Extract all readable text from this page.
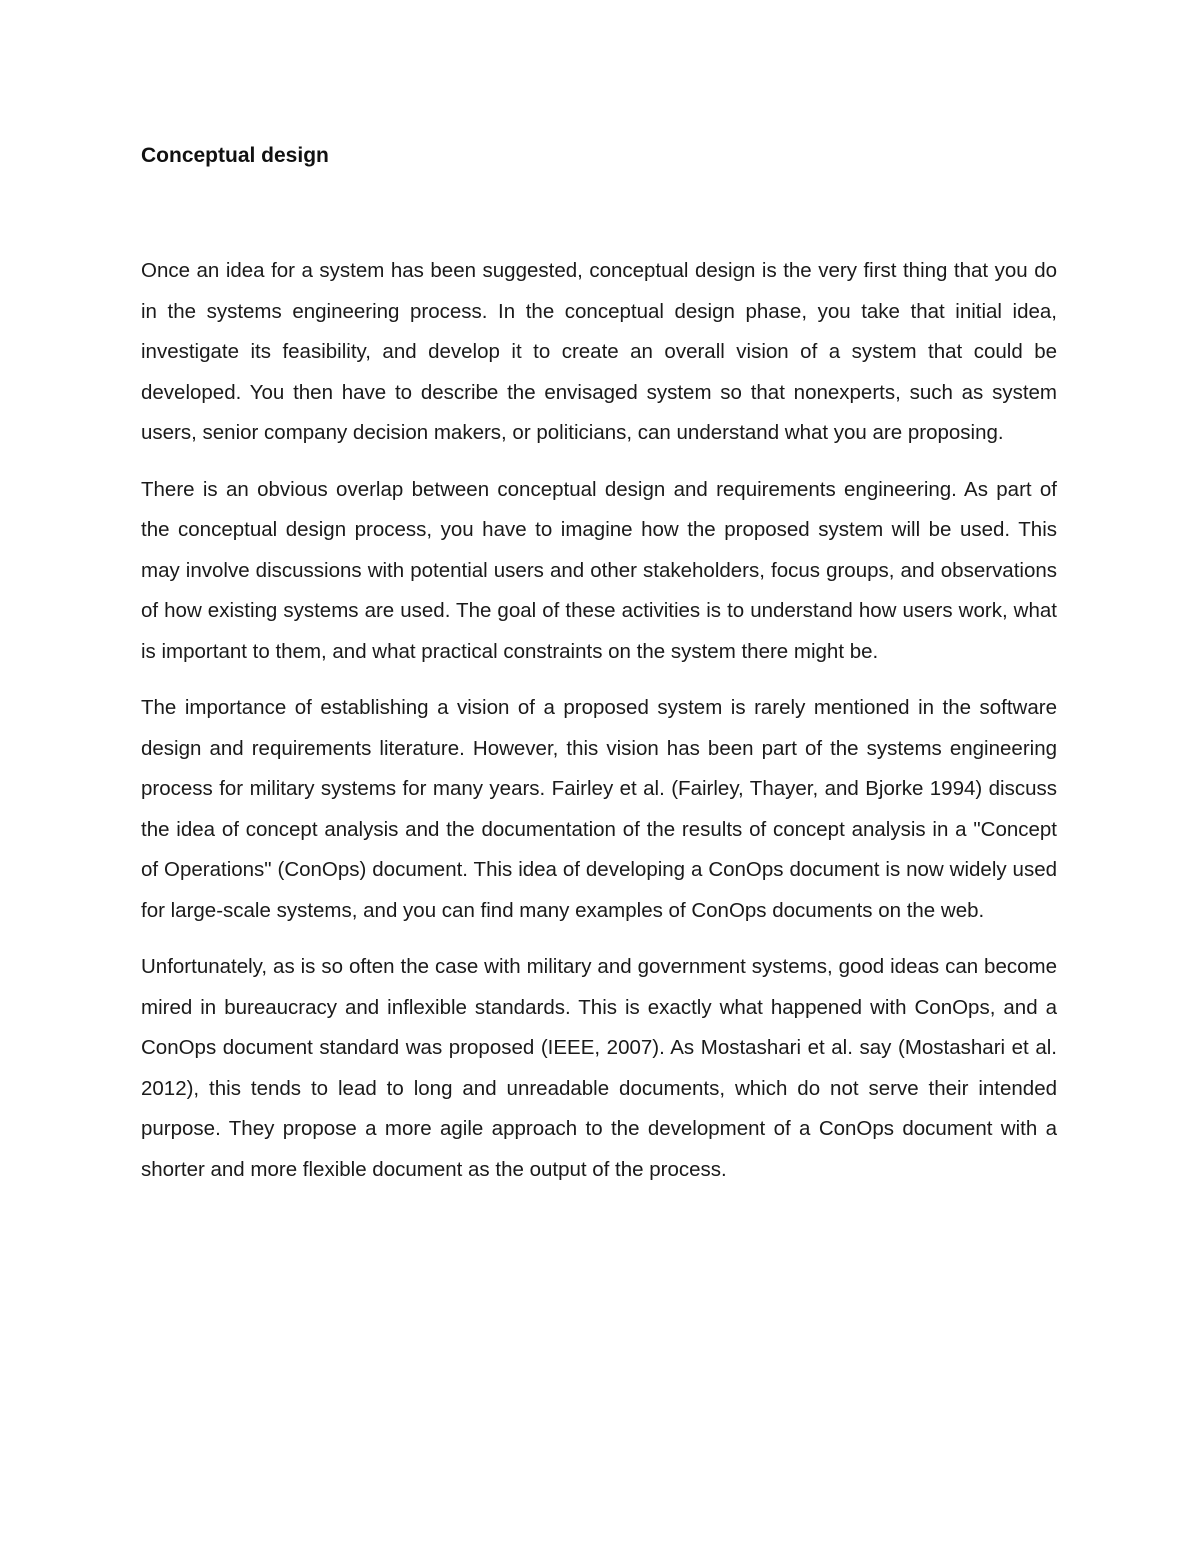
Conceptual design

Once an idea for a system has been suggested, conceptual design is the very first thing that you do in the systems engineering process. In the conceptual design phase, you take that initial idea, investigate its feasibility, and develop it to create an overall vision of a system that could be developed. You then have to describe the envisaged system so that nonexperts, such as system users, senior company decision makers, or politicians, can understand what you are proposing.

There is an obvious overlap between conceptual design and requirements engineering. As part of the conceptual design process, you have to imagine how the proposed system will be used. This may involve discussions with potential users and other stakeholders, focus groups, and observations of how existing systems are used. The goal of these activities is to understand how users work, what is important to them, and what practical constraints on the system there might be.

The importance of establishing a vision of a proposed system is rarely mentioned in the software design and requirements literature. However, this vision has been part of the systems engineering process for military systems for many years. Fairley et al. (Fairley, Thayer, and Bjorke 1994) discuss the idea of concept analysis and the documentation of the results of concept analysis in a "Concept of Operations" (ConOps) document. This idea of developing a ConOps document is now widely used for large-scale systems, and you can find many examples of ConOps documents on the web.

Unfortunately, as is so often the case with military and government systems, good ideas can become mired in bureaucracy and inflexible standards. This is exactly what happened with ConOps, and a ConOps document standard was proposed (IEEE, 2007). As Mostashari et al. say (Mostashari et al. 2012), this tends to lead to long and unreadable documents, which do not serve their intended purpose. They propose a more agile approach to the development of a ConOps document with a shorter and more flexible document as the output of the process.
